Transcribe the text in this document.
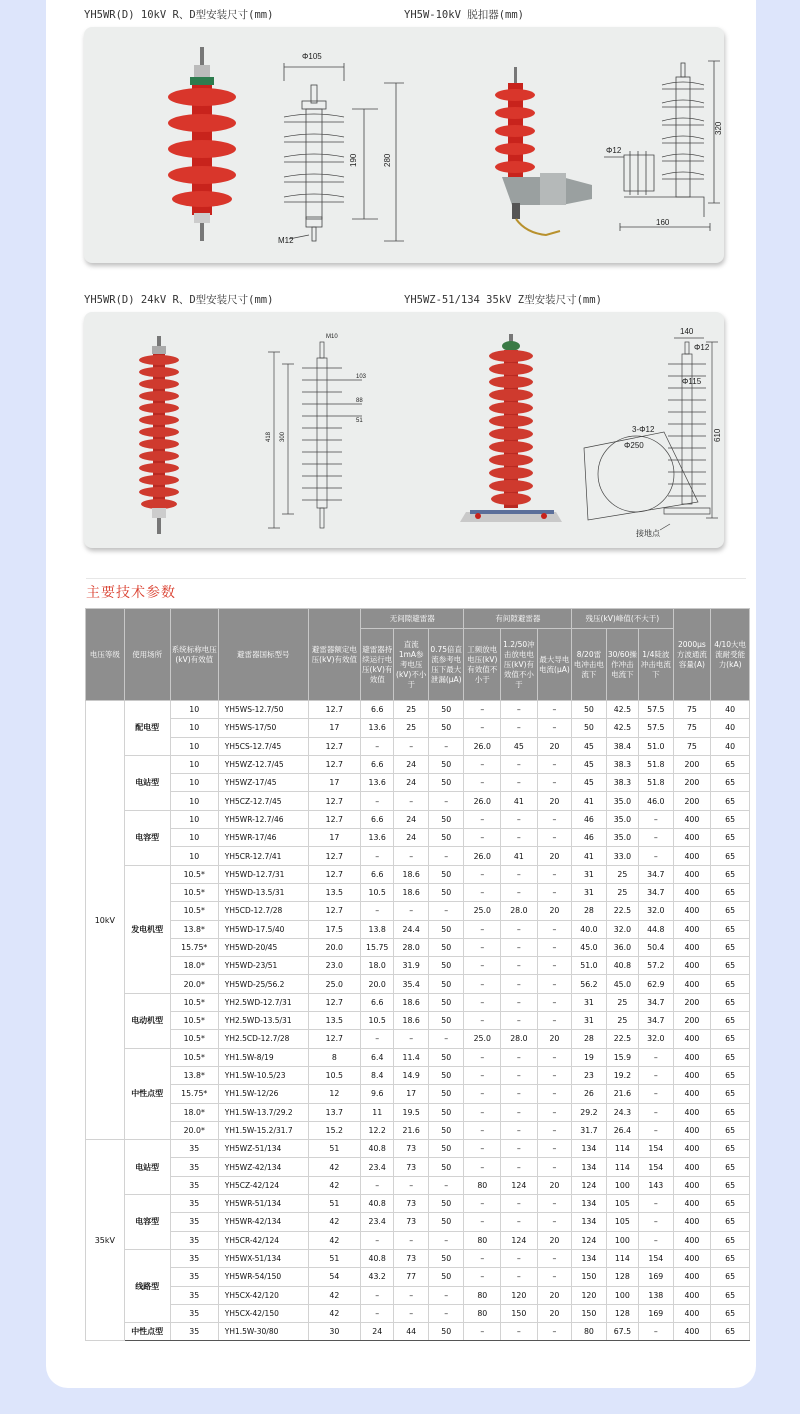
YH5WR(D) 10kV R、D型安装尺寸(mm)	YH5W-10kV 脱扣器(mm)
YH5WR(D) 24kV R、D型安装尺寸(mm)	YH5WZ-51/134 35kV Z型安装尺寸(mm)
Φ105
190	280
M12
320
Φ12
160
M10
103
88
51
300
418
140
Φ12
Φ115
3-Φ12
Φ250
610
接地点
主要技术参数
电压等级	使用场所	系统标称电压(kV)有效值	避雷器国标型号	避雷器额定电压(kV)有效值	无间隙避雷器			有间隙避雷器			残压(kV)峰值(不大于)			2000μs方波通流容量(A)	4/10大电流耐受能力(kA)
					避雷器持续运行电压(kV)有效值	直流1mA参考电压(kV)不小于	0.75倍直流参考电压下最大泄漏(μA)	工频放电电压(kV)有效值不小于	1.2/50冲击放电电压(kV)有效值不小于	最大导电电流(μA)	8/20雷电冲击电流下	30/60操作冲击电流下	1/4陡波冲击电流下		
10kV	配电型	10	YH5WS-12.7/50	12.7	6.6	25	50	–	–	–	50	42.5	57.5	75	40
		10	YH5WS-17/50	17	13.6	25	50	–	–	–	50	42.5	57.5	75	40
		10	YH5CS-12.7/45	12.7	–	–	–	26.0	45	20	45	38.4	51.0	75	40
	电站型	10	YH5WZ-12.7/45	12.7	6.6	24	50	–	–	–	45	38.3	51.8	200	65
		10	YH5WZ-17/45	17	13.6	24	50	–	–	–	45	38.3	51.8	200	65
		10	YH5CZ-12.7/45	12.7	–	–	–	26.0	41	20	41	35.0	46.0	200	65
	电容型	10	YH5WR-12.7/46	12.7	6.6	24	50	–	–	–	46	35.0	–	400	65
		10	YH5WR-17/46	17	13.6	24	50	–	–	–	46	35.0	–	400	65
		10	YH5CR-12.7/41	12.7	–	–	–	26.0	41	20	41	33.0	–	400	65
	发电机型	10.5*	YH5WD-12.7/31	12.7	6.6	18.6	50	–	–	–	31	25	34.7	400	65
		10.5*	YH5WD-13.5/31	13.5	10.5	18.6	50	–	–	–	31	25	34.7	400	65
		10.5*	YH5CD-12.7/28	12.7	–	–	–	25.0	28.0	20	28	22.5	32.0	400	65
		13.8*	YH5WD-17.5/40	17.5	13.8	24.4	50	–	–	–	40.0	32.0	44.8	400	65
		15.75*	YH5WD-20/45	20.0	15.75	28.0	50	–	–	–	45.0	36.0	50.4	400	65
		18.0*	YH5WD-23/51	23.0	18.0	31.9	50	–	–	–	51.0	40.8	57.2	400	65
		20.0*	YH5WD-25/56.2	25.0	20.0	35.4	50	–	–	–	56.2	45.0	62.9	400	65
	电动机型	10.5*	YH2.5WD-12.7/31	12.7	6.6	18.6	50	–	–	–	31	25	34.7	200	65
		10.5*	YH2.5WD-13.5/31	13.5	10.5	18.6	50	–	–	–	31	25	34.7	200	65
		10.5*	YH2.5CD-12.7/28	12.7	–	–	–	25.0	28.0	20	28	22.5	32.0	400	65
	中性点型	10.5*	YH1.5W-8/19	8	6.4	11.4	50	–	–	–	19	15.9	–	400	65
		13.8*	YH1.5W-10.5/23	10.5	8.4	14.9	50	–	–	–	23	19.2	–	400	65
		15.75*	YH1.5W-12/26	12	9.6	17	50	–	–	–	26	21.6	–	400	65
		18.0*	YH1.5W-13.7/29.2	13.7	11	19.5	50	–	–	–	29.2	24.3	–	400	65
		20.0*	YH1.5W-15.2/31.7	15.2	12.2	21.6	50	–	–	–	31.7	26.4	–	400	65
35kV	电站型	35	YH5WZ-51/134	51	40.8	73	50	–	–	–	134	114	154	400	65
		35	YH5WZ-42/134	42	23.4	73	50	–	–	–	134	114	154	400	65
		35	YH5CZ-42/124	42	–	–	–	80	124	20	124	100	143	400	65
	电容型	35	YH5WR-51/134	51	40.8	73	50	–	–	–	134	105	–	400	65
		35	YH5WR-42/134	42	23.4	73	50	–	–	–	134	105	–	400	65
		35	YH5CR-42/124	42	–	–	–	80	124	20	124	100	–	400	65
	线路型	35	YH5WX-51/134	51	40.8	73	50	–	–	–	134	114	154	400	65
		35	YH5WR-54/150	54	43.2	77	50	–	–	–	150	128	169	400	65
		35	YH5CX-42/120	42	–	–	–	80	120	20	120	100	138	400	65
		35	YH5CX-42/150	42	–	–	–	80	150	20	150	128	169	400	65
	中性点型	35	YH1.5W-30/80	30	24	44	50	–	–	–	80	67.5	–	400	65
